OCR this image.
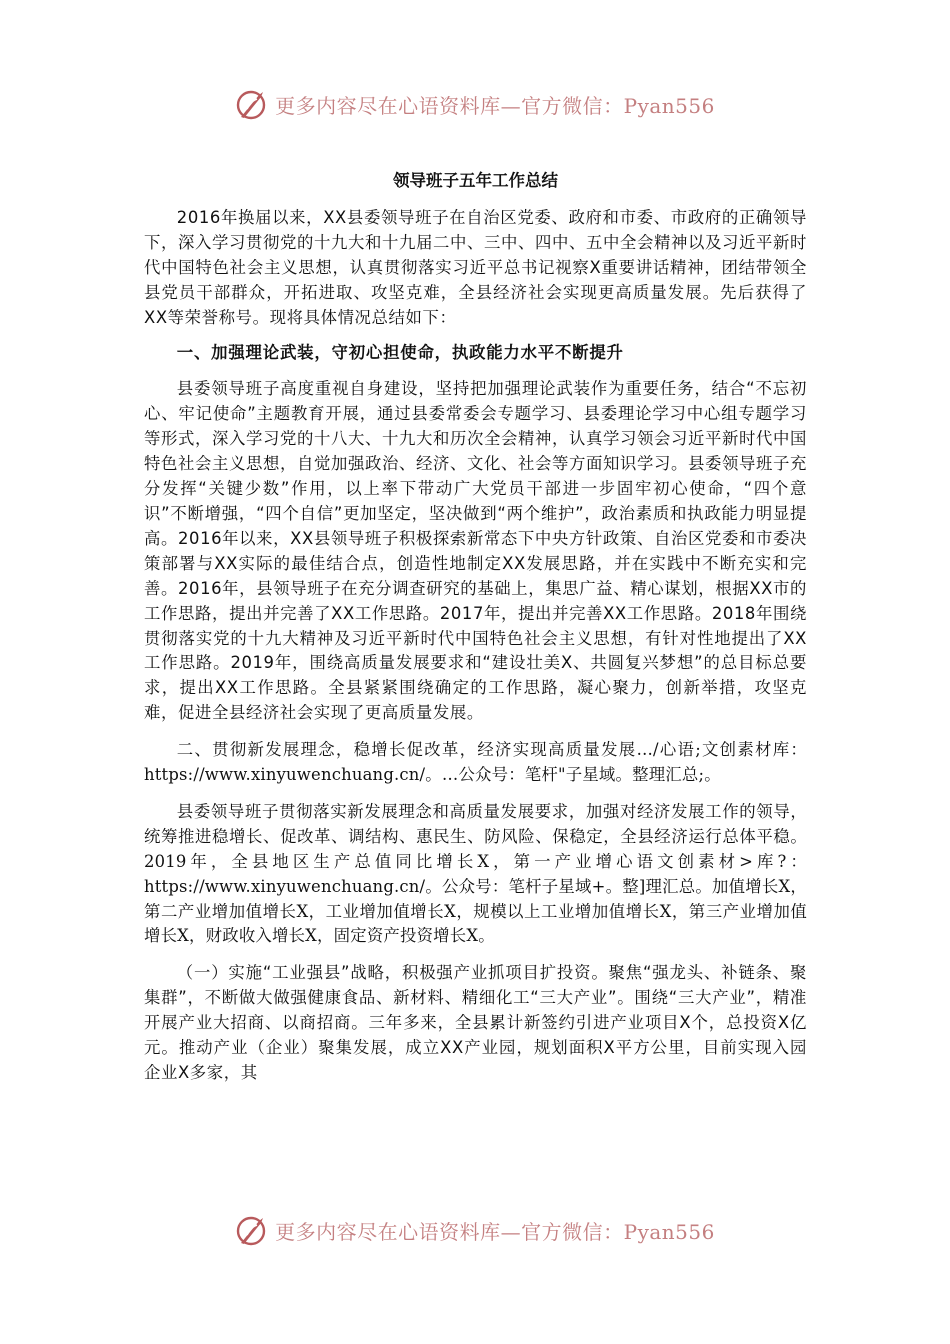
更多内容尽在心语资料库—官方微信：Pyan556
领导班子五年工作总结

2016年换届以来，XX县委领导班子在自治区党委、政府和市委、市政府的正确领导下，深入学习贯彻党的十九大和十九届二中、三中、四中、五中全会精神以及习近平新时代中国特色社会主义思想，认真贯彻落实习近平总书记视察X重要讲话精神，团结带领全县党员干部群众，开拓进取、攻坚克难，全县经济社会实现更高质量发展。先后获得了XX等荣誉称号。现将具体情况总结如下：

一、加强理论武装，守初心担使命，执政能力水平不断提升

县委领导班子高度重视自身建设，坚持把加强理论武装作为重要任务，结合“不忘初心、牢记使命”主题教育开展，通过县委常委会专题学习、县委理论学习中心组专题学习等形式，深入学习党的十八大、十九大和历次全会精神，认真学习领会习近平新时代中国特色社会主义思想，自觉加强政治、经济、文化、社会等方面知识学习。县委领导班子充分发挥“关键少数”作用，以上率下带动广大党员干部进一步固牢初心使命，“四个意识”不断增强，“四个自信”更加坚定，坚决做到“两个维护”，政治素质和执政能力明显提高。2016年以来，XX县领导班子积极探索新常态下中央方针政策、自治区党委和市委决策部署与XX实际的最佳结合点，创造性地制定XX发展思路，并在实践中不断充实和完善。2016年，县领导班子在充分调查研究的基础上，集思广益、精心谋划，根据XX市的工作思路，提出并完善了XX工作思路。2017年，提出并完善XX工作思路。2018年围绕贯彻落实党的十九大精神及习近平新时代中国特色社会主义思想，有针对性地提出了XX工作思路。2019年，围绕高质量发展要求和“建设壮美X、共圆复兴梦想”的总目标总要求，提出XX工作思路。全县紧紧围绕确定的工作思路，凝心聚力，创新举措，攻坚克难，促进全县经济社会实现了更高质量发展。

二、贯彻新发展理念，稳增长促改革，经济实现高质量发展…/心语;文创素材库：https://www.xinyuwenchuang.cn/。…公众号：笔杆"子星域。整理汇总;。

县委领导班子贯彻落实新发展理念和高质量发展要求，加强对经济发展工作的领导，统筹推进稳增长、促改革、调结构、惠民生、防风险、保稳定，全县经济运行总体平稳。2019年，全县地区生产总值同比增长X，第一产业增心语文创素材>库?：https://www.xinyuwenchuang.cn/。公众号：笔杆子星域+。整]理汇总。加值增长X，第二产业增加值增长X，工业增加值增长X，规模以上工业增加值增长X，第三产业增加值增长X，财政收入增长X，固定资产投资增长X。

（一）实施“工业强县”战略，积极强产业抓项目扩投资。聚焦“强龙头、补链条、聚集群”，不断做大做强健康食品、新材料、精细化工“三大产业”。围绕“三大产业”，精准开展产业大招商、以商招商。三年多来，全县累计新签约引进产业项目X个，总投资X亿元。推动产业（企业）聚集发展，成立XX产业园，规划面积X平方公里，目前实现入园企业X多家，其

更多内容尽在心语资料库—官方微信：Pyan556
